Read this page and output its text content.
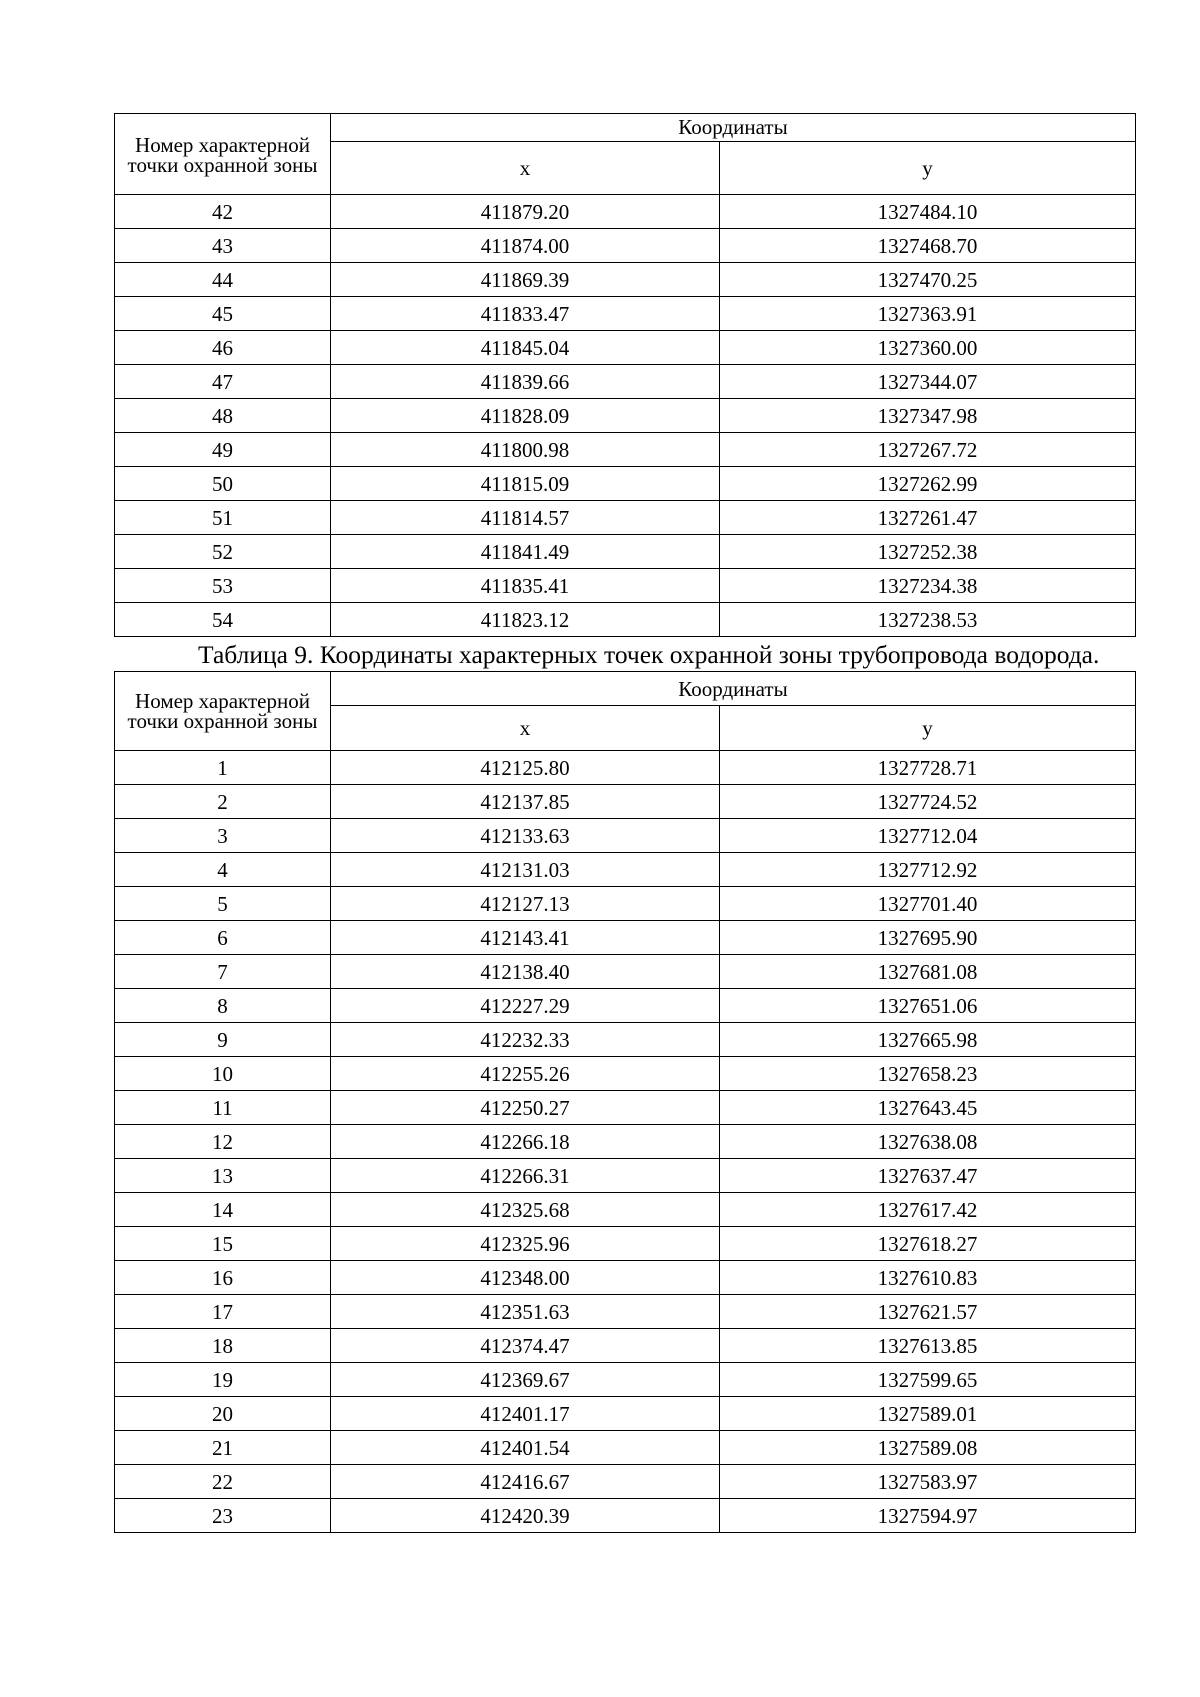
Номер характерной точки охранной зоны	Координаты	
	x	y
42	411879.20	1327484.10
43	411874.00	1327468.70
44	411869.39	1327470.25
45	411833.47	1327363.91
46	411845.04	1327360.00
47	411839.66	1327344.07
48	411828.09	1327347.98
49	411800.98	1327267.72
50	411815.09	1327262.99
51	411814.57	1327261.47
52	411841.49	1327252.38
53	411835.41	1327234.38
54	411823.12	1327238.53

Таблица 9. Координаты характерных точек охранной зоны трубопровода водорода.

Номер характерной точки охранной зоны	Координаты	
	x	y
1	412125.80	1327728.71
2	412137.85	1327724.52
3	412133.63	1327712.04
4	412131.03	1327712.92
5	412127.13	1327701.40
6	412143.41	1327695.90
7	412138.40	1327681.08
8	412227.29	1327651.06
9	412232.33	1327665.98
10	412255.26	1327658.23
11	412250.27	1327643.45
12	412266.18	1327638.08
13	412266.31	1327637.47
14	412325.68	1327617.42
15	412325.96	1327618.27
16	412348.00	1327610.83
17	412351.63	1327621.57
18	412374.47	1327613.85
19	412369.67	1327599.65
20	412401.17	1327589.01
21	412401.54	1327589.08
22	412416.67	1327583.97
23	412420.39	1327594.97
